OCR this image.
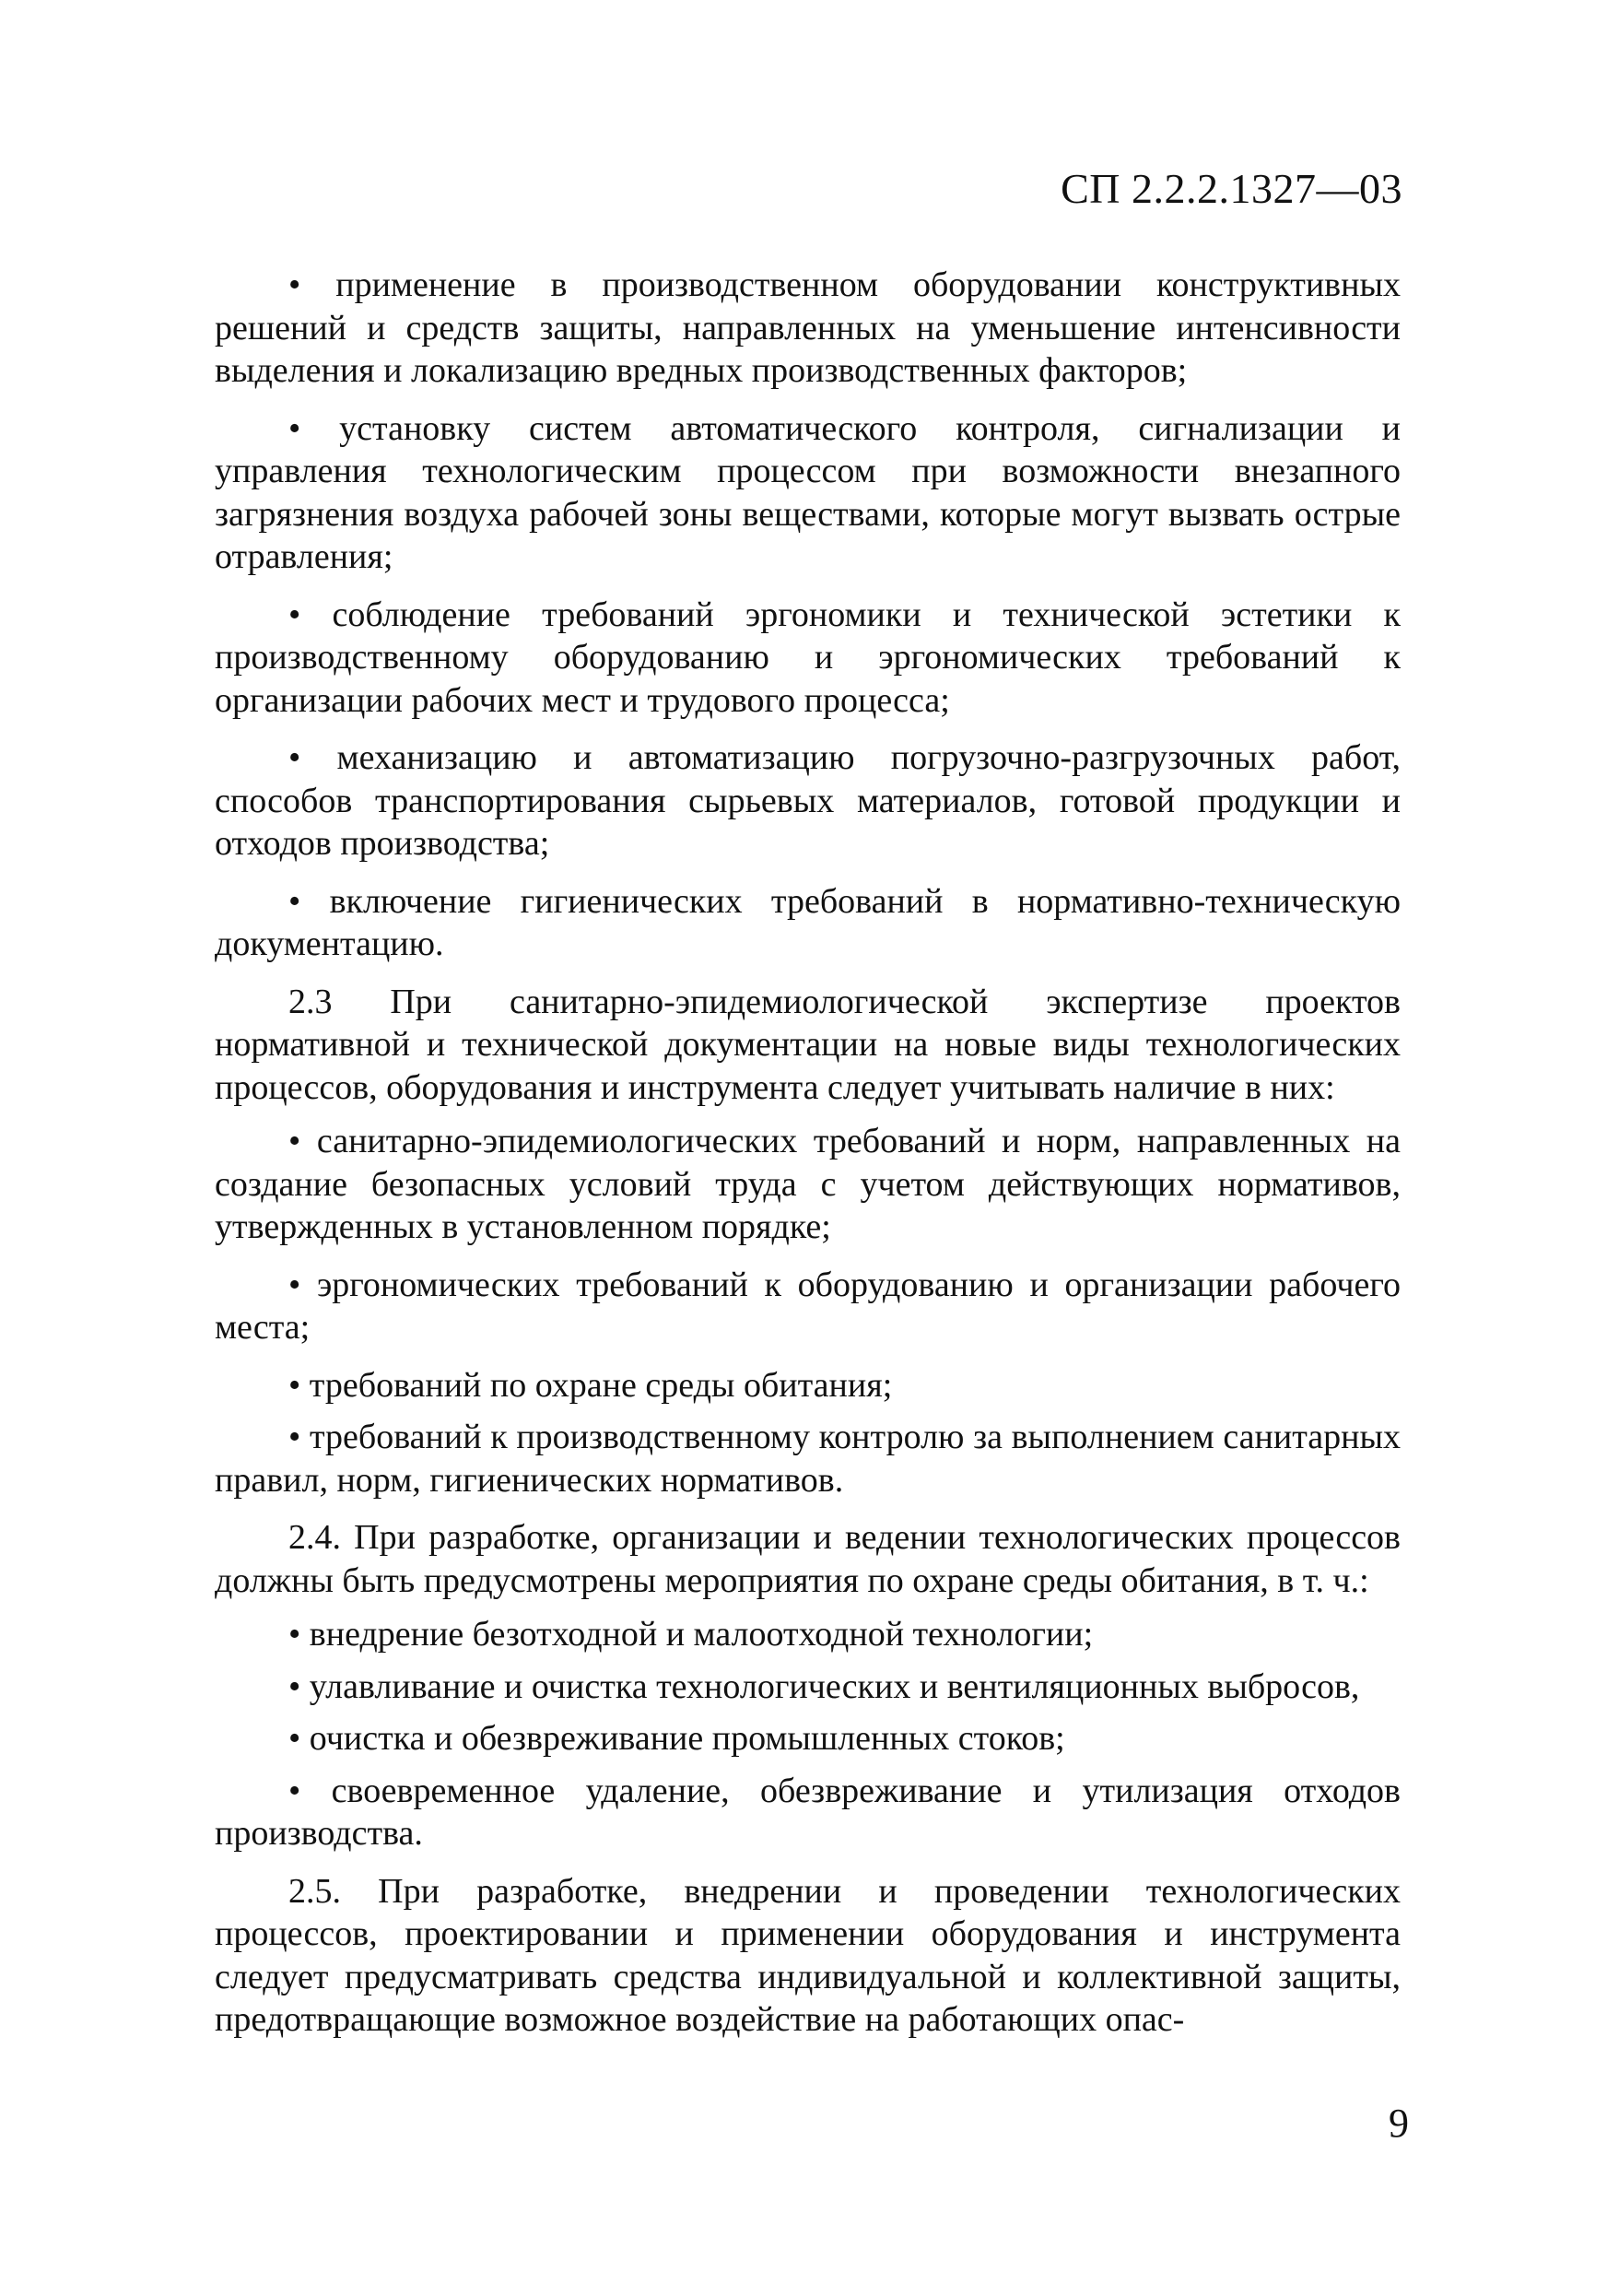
СП 2.2.2.1327—03

• применение в производственном оборудовании конструктивных решений и средств защиты, направленных на уменьшение интенсивности выделения и локализацию вредных производственных факторов;

• установку систем автоматического контроля, сигнализации и управления технологическим процессом при возможности внезапного загрязнения воздуха рабочей зоны веществами, которые могут вызвать острые отравления;

• соблюдение требований эргономики и технической эстетики к производственному оборудованию и эргономических требований к организации рабочих мест и трудового процесса;

• механизацию и автоматизацию погрузочно-разгрузочных работ, способов транспортирования сырьевых материалов, готовой продукции и отходов производства;

• включение гигиенических требований в нормативно-техническую документацию.

2.3 При санитарно-эпидемиологической экспертизе проектов нормативной и технической документации на новые виды технологических процессов, оборудования и инструмента следует учитывать наличие в них:

• санитарно-эпидемиологических требований и норм, направленных на создание безопасных условий труда с учетом действующих нормативов, утвержденных в установленном порядке;

• эргономических требований к оборудованию и организации рабочего места;

• требований по охране среды обитания;

• требований к производственному контролю за выполнением санитарных правил, норм, гигиенических нормативов.

2.4. При разработке, организации и ведении технологических процессов должны быть предусмотрены мероприятия по охране среды обитания, в т. ч.:

• внедрение безотходной и малоотходной технологии;

• улавливание и очистка технологических и вентиляционных выбросов,

• очистка и обезвреживание промышленных стоков;

• своевременное удаление, обезвреживание и утилизация отходов производства.

2.5. При разработке, внедрении и проведении технологических процессов, проектировании и применении оборудования и инструмента следует предусматривать средства индивидуальной и коллективной защиты, предотвращающие возможное воздействие на работающих опас-

9
